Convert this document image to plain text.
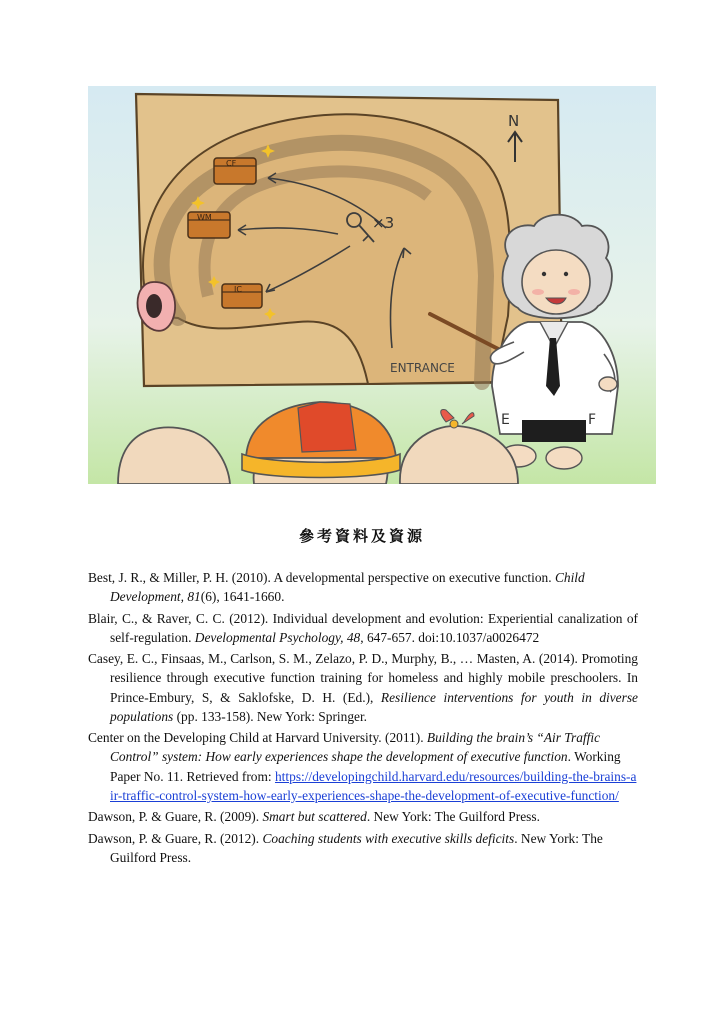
×3
CF
WM
IC
N
ENTRANCE
E	F
參考資料及資源

Best, J. R., & Miller, P. H. (2010). A developmental perspective on executive function. Child Development, 81(6), 1641-1660.

Blair, C., & Raver, C. C. (2012). Individual development and evolution: Experiential canalization of self-regulation. Developmental Psychology, 48, 647-657. doi:10.1037/a0026472

Casey, E. C., Finsaas, M., Carlson, S. M., Zelazo, P. D., Murphy, B., … Masten, A. (2014). Promoting resilience through executive function training for homeless and highly mobile preschoolers. In Prince-Embury, S, & Saklofske, D. H. (Ed.), Resilience interventions for youth in diverse populations (pp. 133-158). New York: Springer.

Center on the Developing Child at Harvard University. (2011). Building the brain’s “Air Traffic Control” system: How early experiences shape the development of executive function. Working Paper No. 11. Retrieved from: https://developingchild.harvard.edu/resources/building-the-brains-air-traffic-control-system-how-early-experiences-shape-the-development-of-executive-function/

Dawson, P. & Guare, R. (2009). Smart but scattered. New York: The Guilford Press.

Dawson, P. & Guare, R. (2012). Coaching students with executive skills deficits. New York: The Guilford Press.
